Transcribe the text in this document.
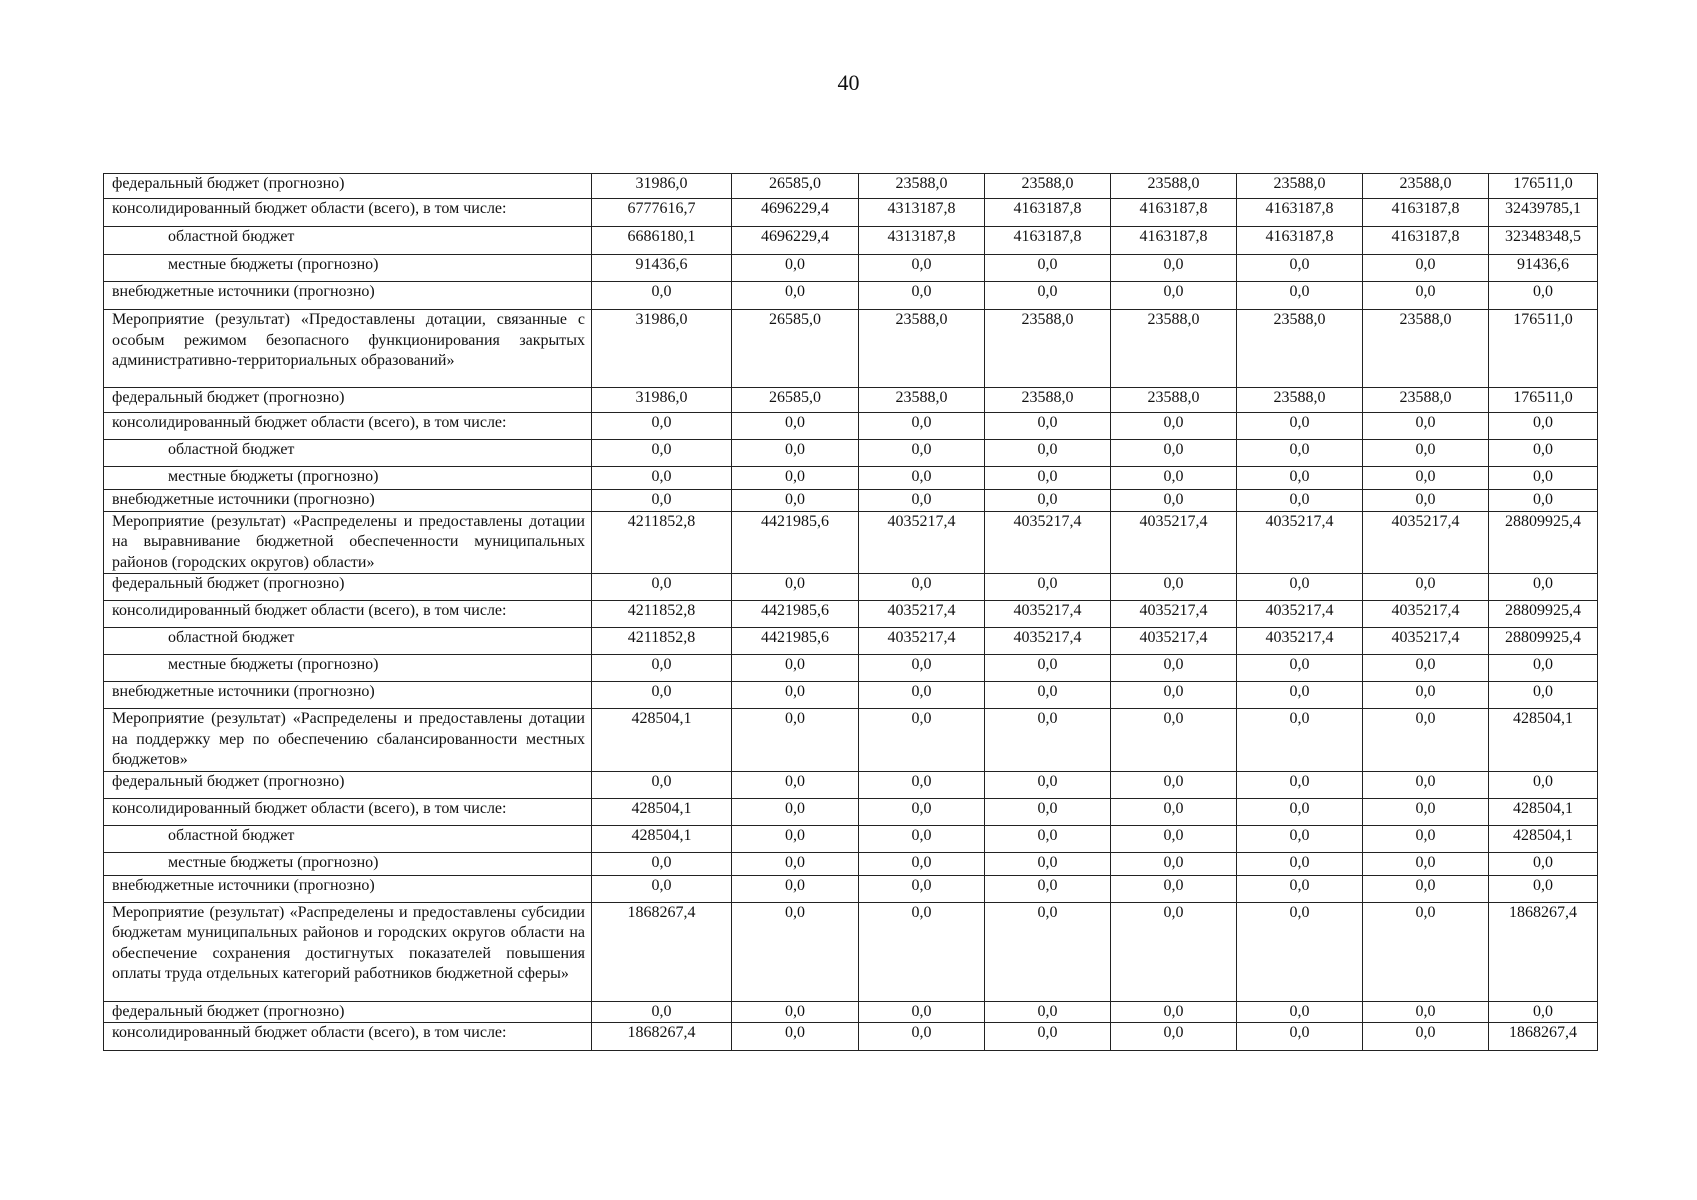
40
федеральный бюджет (прогнозно)	31986,0	26585,0	23588,0	23588,0	23588,0	23588,0	23588,0	176511,0
консолидированный бюджет области (всего), в том числе:	6777616,7	4696229,4	4313187,8	4163187,8	4163187,8	4163187,8	4163187,8	32439785,1
областной бюджет	6686180,1	4696229,4	4313187,8	4163187,8	4163187,8	4163187,8	4163187,8	32348348,5
местные бюджеты (прогнозно)	91436,6	0,0	0,0	0,0	0,0	0,0	0,0	91436,6
внебюджетные источники (прогнозно)	0,0	0,0	0,0	0,0	0,0	0,0	0,0	0,0
Мероприятие (результат) «Предоставлены дотации, связанные с особым режимом безопасного функционирования закрытых административно-территориальных образований»	31986,0	26585,0	23588,0	23588,0	23588,0	23588,0	23588,0	176511,0
федеральный бюджет (прогнозно)	31986,0	26585,0	23588,0	23588,0	23588,0	23588,0	23588,0	176511,0
консолидированный бюджет области (всего), в том числе:	0,0	0,0	0,0	0,0	0,0	0,0	0,0	0,0
областной бюджет	0,0	0,0	0,0	0,0	0,0	0,0	0,0	0,0
местные бюджеты (прогнозно)	0,0	0,0	0,0	0,0	0,0	0,0	0,0	0,0
внебюджетные источники (прогнозно)	0,0	0,0	0,0	0,0	0,0	0,0	0,0	0,0
Мероприятие (результат) «Распределены и предоставлены дотации на выравнивание бюджетной обеспеченности муниципальных районов (городских округов) области»	4211852,8	4421985,6	4035217,4	4035217,4	4035217,4	4035217,4	4035217,4	28809925,4
федеральный бюджет (прогнозно)	0,0	0,0	0,0	0,0	0,0	0,0	0,0	0,0
консолидированный бюджет области (всего), в том числе:	4211852,8	4421985,6	4035217,4	4035217,4	4035217,4	4035217,4	4035217,4	28809925,4
областной бюджет	4211852,8	4421985,6	4035217,4	4035217,4	4035217,4	4035217,4	4035217,4	28809925,4
местные бюджеты (прогнозно)	0,0	0,0	0,0	0,0	0,0	0,0	0,0	0,0
внебюджетные источники (прогнозно)	0,0	0,0	0,0	0,0	0,0	0,0	0,0	0,0
Мероприятие (результат) «Распределены и предоставлены дотации на поддержку мер по обеспечению сбалансированности местных бюджетов»	428504,1	0,0	0,0	0,0	0,0	0,0	0,0	428504,1
федеральный бюджет (прогнозно)	0,0	0,0	0,0	0,0	0,0	0,0	0,0	0,0
консолидированный бюджет области (всего), в том числе:	428504,1	0,0	0,0	0,0	0,0	0,0	0,0	428504,1
областной бюджет	428504,1	0,0	0,0	0,0	0,0	0,0	0,0	428504,1
местные бюджеты (прогнозно)	0,0	0,0	0,0	0,0	0,0	0,0	0,0	0,0
внебюджетные источники (прогнозно)	0,0	0,0	0,0	0,0	0,0	0,0	0,0	0,0
Мероприятие (результат) «Распределены и предоставлены субсидии бюджетам муниципальных районов и городских округов области на обеспечение сохранения достигнутых показателей повышения оплаты труда отдельных категорий работников бюджетной сферы»	1868267,4	0,0	0,0	0,0	0,0	0,0	0,0	1868267,4
федеральный бюджет (прогнозно)	0,0	0,0	0,0	0,0	0,0	0,0	0,0	0,0
консолидированный бюджет области (всего), в том числе:	1868267,4	0,0	0,0	0,0	0,0	0,0	0,0	1868267,4
